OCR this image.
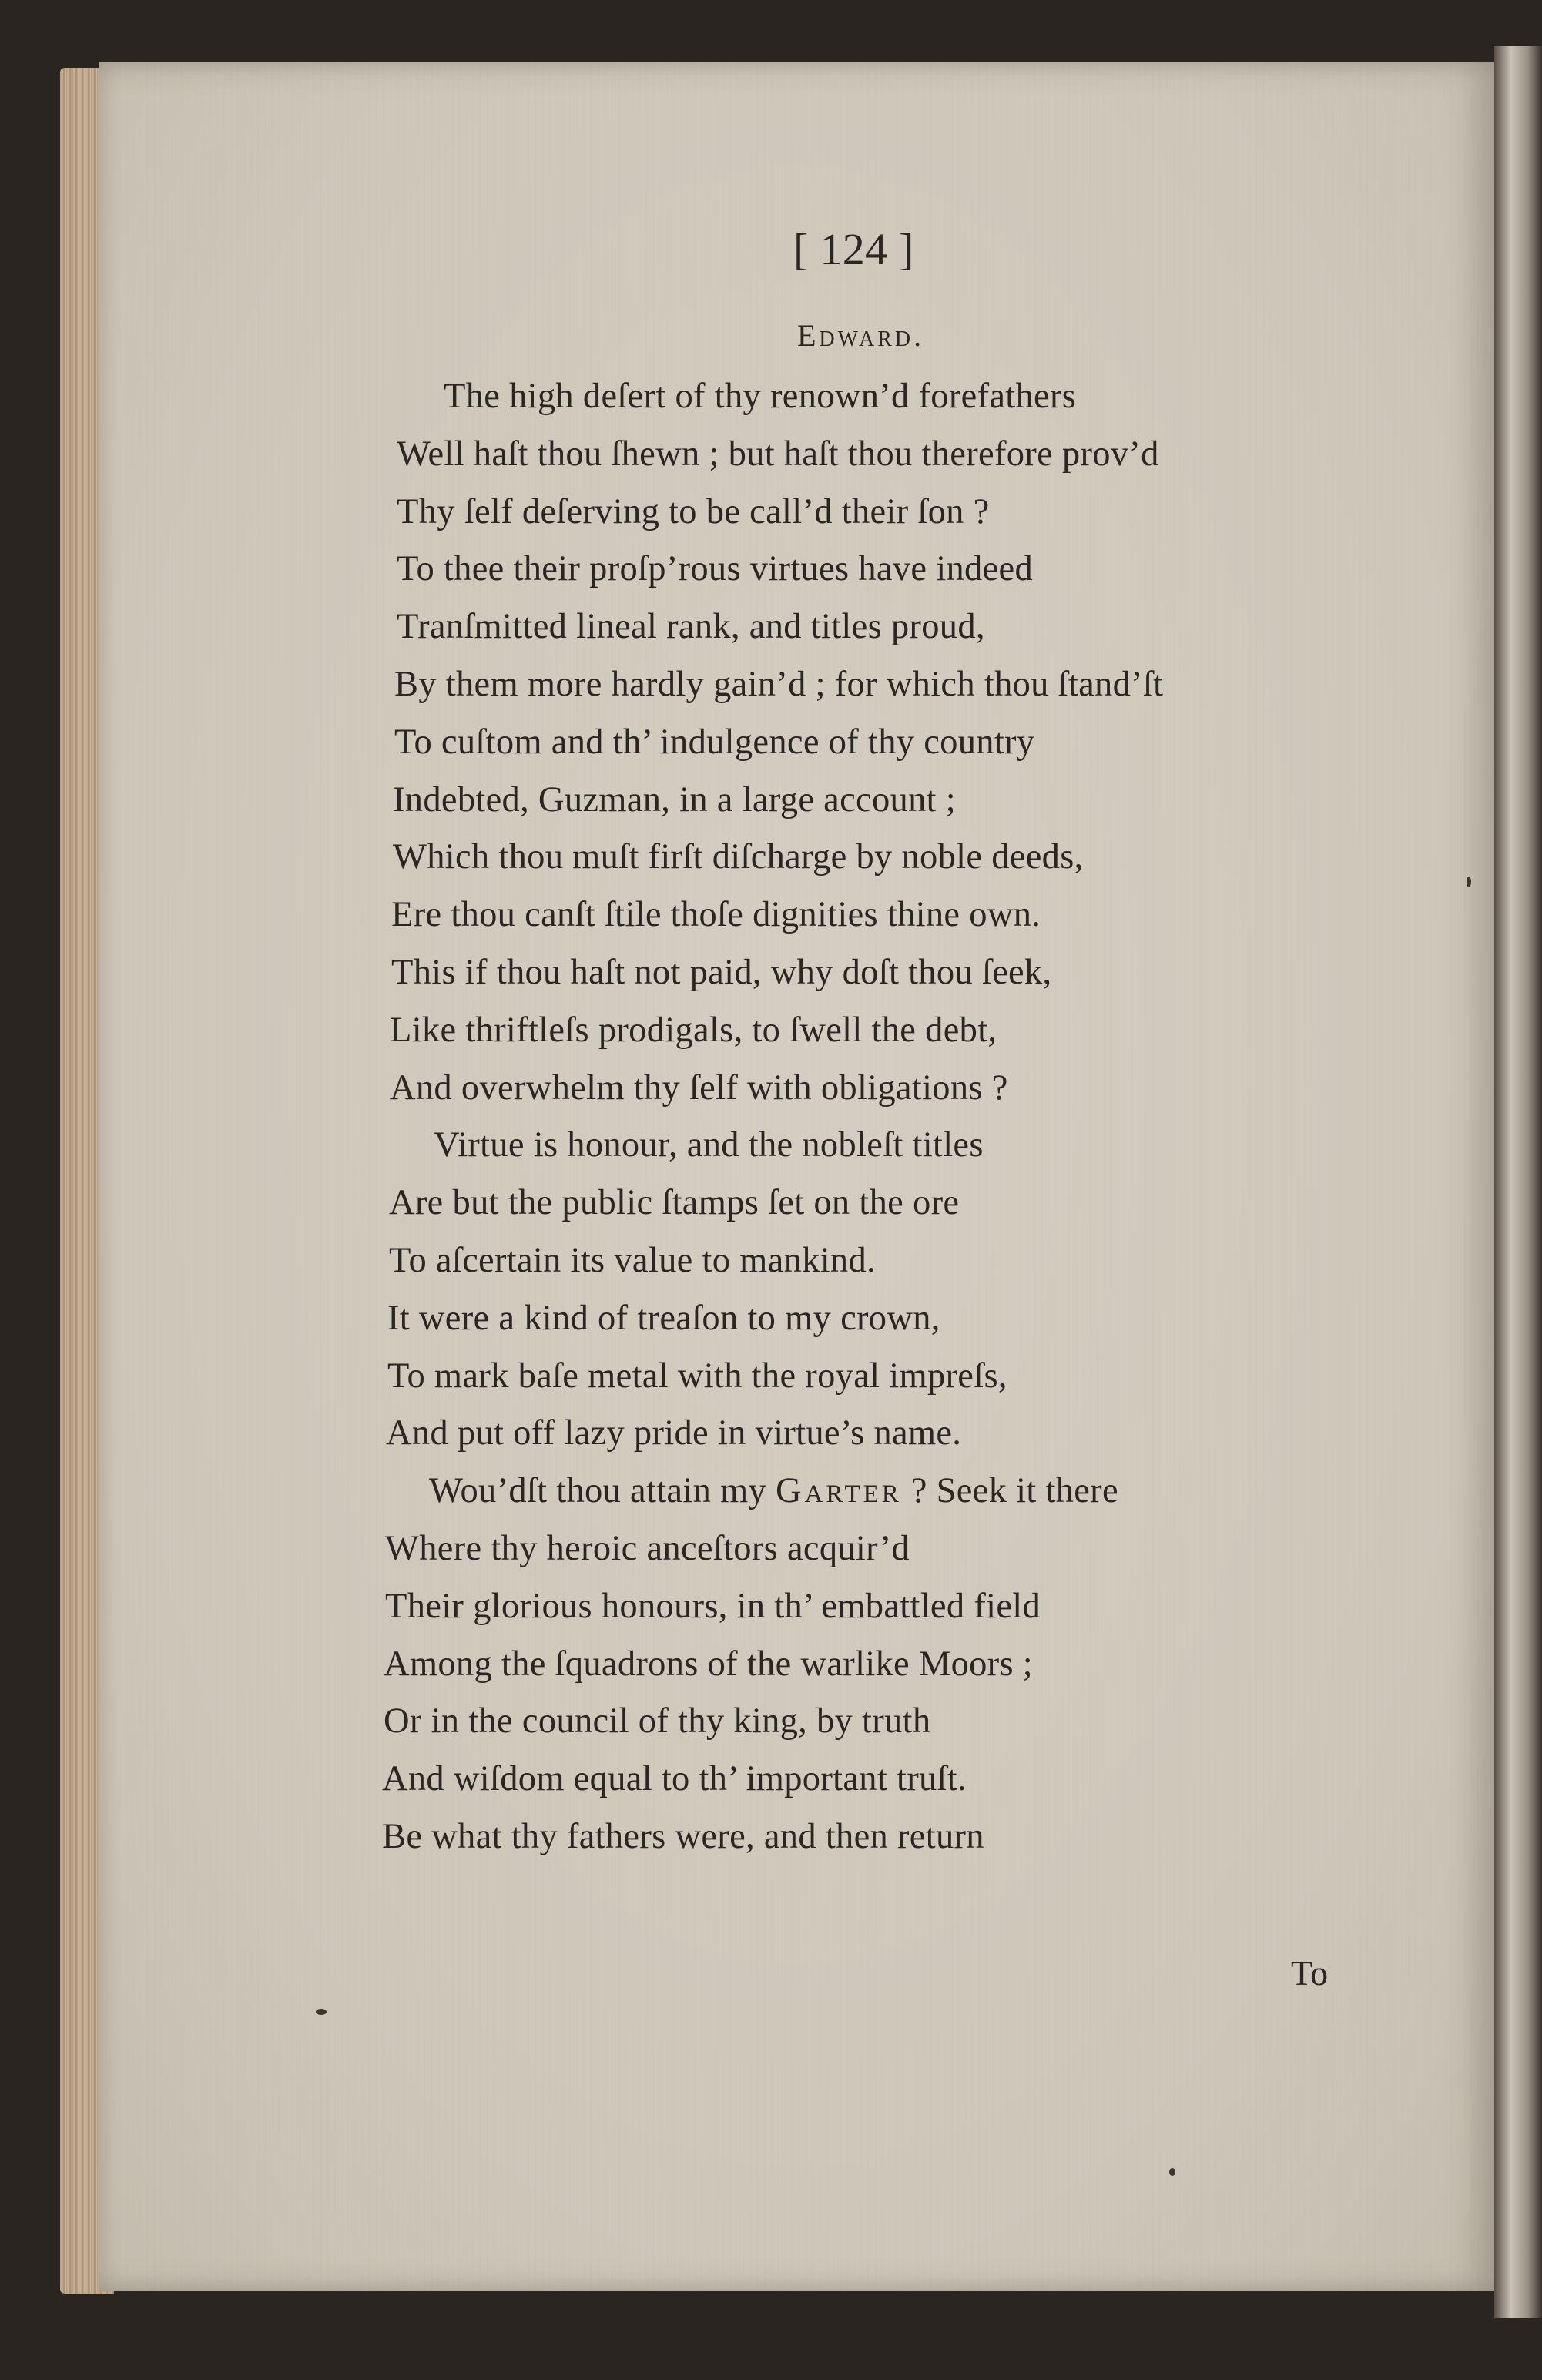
[ 124 ]
Edward.
The high deſert of thy renown’d forefathers
Well haſt thou ſhewn ; but haſt thou therefore prov’d
Thy ſelf deſerving to be call’d their ſon ?
To thee their proſp’rous virtues have indeed
Tranſmitted lineal rank, and titles proud,
By them more hardly gain’d ; for which thou ſtand’ſt
To cuſtom and th’ indulgence of thy country
Indebted, Guzman, in a large account ;
Which thou muſt firſt diſcharge by noble deeds,
Ere thou canſt ſtile thoſe dignities thine own.
This if thou haſt not paid, why doſt thou ſeek,
Like thriftleſs prodigals, to ſwell the debt,
And overwhelm thy ſelf with obligations ?
Virtue is honour, and the nobleſt titles
Are but the public ſtamps ſet on the ore
To aſcertain its value to mankind.
It were a kind of treaſon to my crown,
To mark baſe metal with the royal impreſs,
And put off lazy pride in virtue’s name.
Wou’dſt thou attain my Garter ? Seek it there
Where thy heroic anceſtors acquir’d
Their glorious honours, in th’ embattled field
Among the ſquadrons of the warlike Moors ;
Or in the council of thy king, by truth
And wiſdom equal to th’ important truſt.
Be what thy fathers were, and then return
To
